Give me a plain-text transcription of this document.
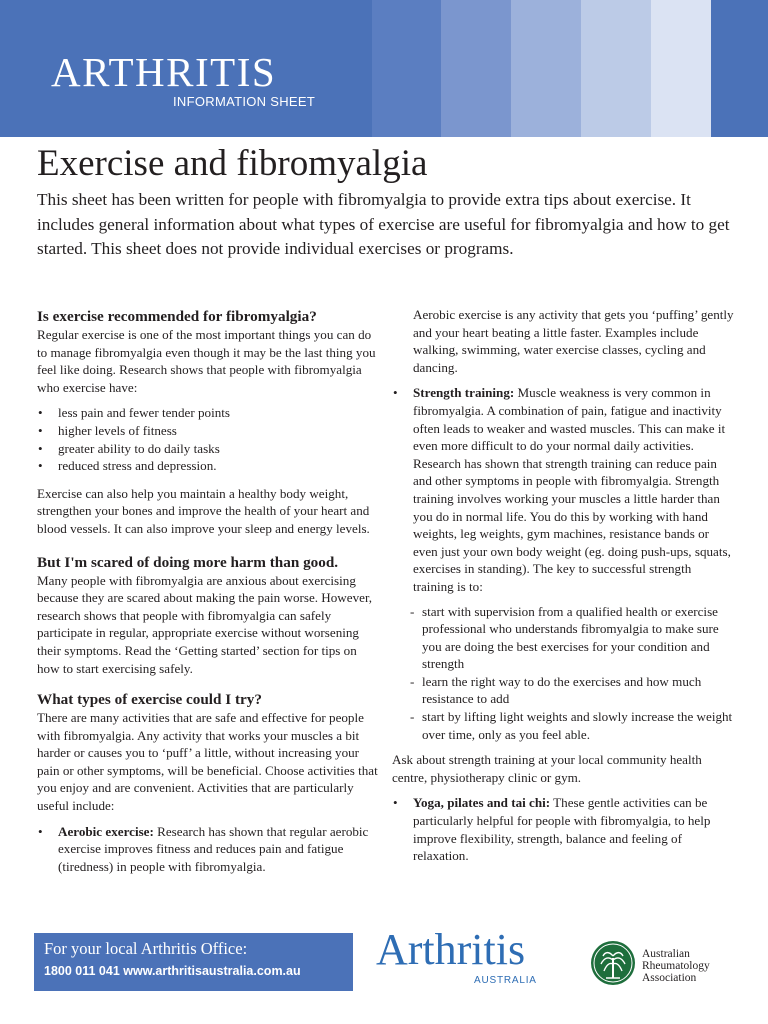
ARTHRITIS
INFORMATION SHEET
Exercise and fibromyalgia

This sheet has been written for people with fibromyalgia to provide extra tips about exercise. It includes general information about what types of exercise are useful for fibromyalgia and how to get started. This sheet does not provide individual exercises or programs.

Is exercise recommended for fibromyalgia?

Regular exercise is one of the most important things you can do to manage fibromyalgia even though it may be the last thing you feel like doing. Research shows that people with fibromyalgia who exercise have:

• less pain and fewer tender points
• higher levels of fitness
• greater ability to do daily tasks
• reduced stress and depression.

Exercise can also help you maintain a healthy body weight, strengthen your bones and improve the health of your heart and blood vessels. It can also improve your sleep and energy levels.

But I'm scared of doing more harm than good.

Many people with fibromyalgia are anxious about exercising because they are scared about making the pain worse. However, research shows that people with fibromyalgia can safely participate in regular, appropriate exercise without worsening their symptoms. Read the ‘Getting started’ section for tips on how to start exercising safely.

What types of exercise could I try?

There are many activities that are safe and effective for people with fibromyalgia. Any activity that works your muscles a bit harder or causes you to ‘puff’ a little, without increasing your pain or other symptoms, will be beneficial. Choose activities that you enjoy and are convenient. Activities that are particularly useful include:

• Aerobic exercise: Research has shown that regular aerobic exercise improves fitness and reduces pain and fatigue (tiredness) in people with fibromyalgia.

Aerobic exercise is any activity that gets you ‘puffing’ gently and your heart beating a little faster. Examples include walking, swimming, water exercise classes, cycling and dancing.

• Strength training: Muscle weakness is very common in fibromyalgia. A combination of pain, fatigue and inactivity often leads to weaker and wasted muscles. This can make it even more difficult to do your normal daily activities. Research has shown that strength training can reduce pain and other symptoms in people with fibromyalgia. Strength training involves working your muscles a little harder than you do in normal life. You do this by working with hand weights, leg weights, gym machines, resistance bands or even just your own body weight (eg. doing push-ups, squats, exercises in standing). The key to successful strength training is to:
- start with supervision from a qualified health or exercise professional who understands fibromyalgia to make sure you are doing the best exercises for your condition and strength
- learn the right way to do the exercises and how much resistance to add
- start by lifting light weights and slowly increase the weight over time, only as you feel able.

Ask about strength training at your local community health centre, physiotherapy clinic or gym.

• Yoga, pilates and tai chi: These gentle activities can be particularly helpful for people with fibromyalgia, to help improve flexibility, strength, balance and feeling of relaxation.
For your local Arthritis Office:
1800 011 041 www.arthritisaustralia.com.au Arthritis
AUSTRALIA
Australian
Rheumatology
Association
